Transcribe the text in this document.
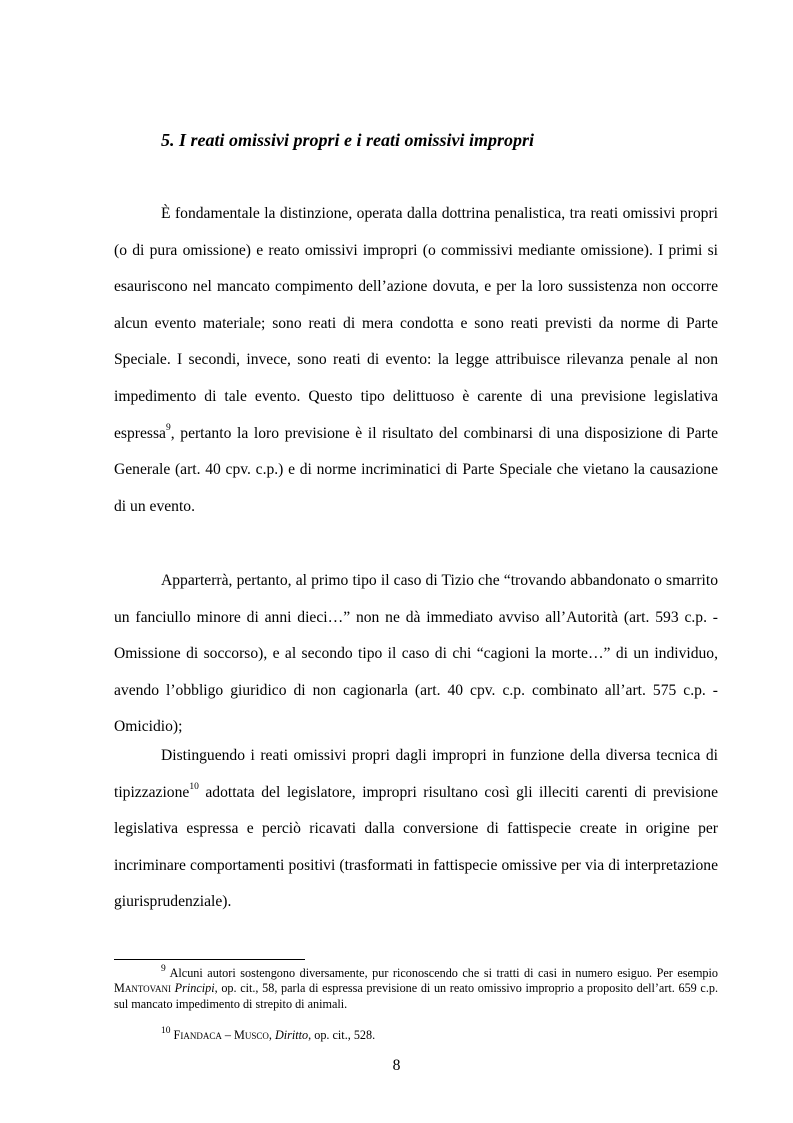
5. I reati omissivi propri e i reati omissivi impropri

È fondamentale la distinzione, operata dalla dottrina penalistica, tra reati omissivi propri (o di pura omissione) e reato omissivi impropri (o commissivi mediante omissione). I primi si esauriscono nel mancato compimento dell’azione dovuta, e per la loro sussistenza non occorre alcun evento materiale; sono reati di mera condotta e sono reati previsti da norme di Parte Speciale. I secondi, invece, sono reati di evento: la legge attribuisce rilevanza penale al non impedimento di tale evento. Questo tipo delittuoso è carente di una previsione legislativa espressa$^9$, pertanto la loro previsione è il risultato del combinarsi di una disposizione di Parte Generale (art. 40 cpv. c.p.) e di norme incriminatici di Parte Speciale che vietano la causazione di un evento.

Apparterrà, pertanto, al primo tipo il caso di Tizio che “trovando abbandonato o smarrito un fanciullo minore di anni dieci…” non ne dà immediato avviso all’Autorità (art. 593 c.p. - Omissione di soccorso), e al secondo tipo il caso di chi “cagioni la morte…” di un individuo, avendo l’obbligo giuridico di non cagionarla (art. 40 cpv. c.p. combinato all’art. 575 c.p. - Omicidio);

Distinguendo i reati omissivi propri dagli impropri in funzione della diversa tecnica di tipizzazione$^{10}$ adottata del legislatore, impropri risultano così gli illeciti carenti di previsione legislativa espressa e perciò ricavati dalla conversione di fattispecie create in origine per incriminare comportamenti positivi (trasformati in fattispecie omissive per via di interpretazione giurisprudenziale).

$^9$ Alcuni autori sostengono diversamente, pur riconoscendo che si tratti di casi in numero esiguo. Per esempio Mantovani Principi, op. cit., 58, parla di espressa previsione di un reato omissivo improprio a proposito dell’art. 659 c.p. sul mancato impedimento di strepito di animali.

$^{10}$ Fiandaca – Musco, Diritto, op. cit., 528.

8
